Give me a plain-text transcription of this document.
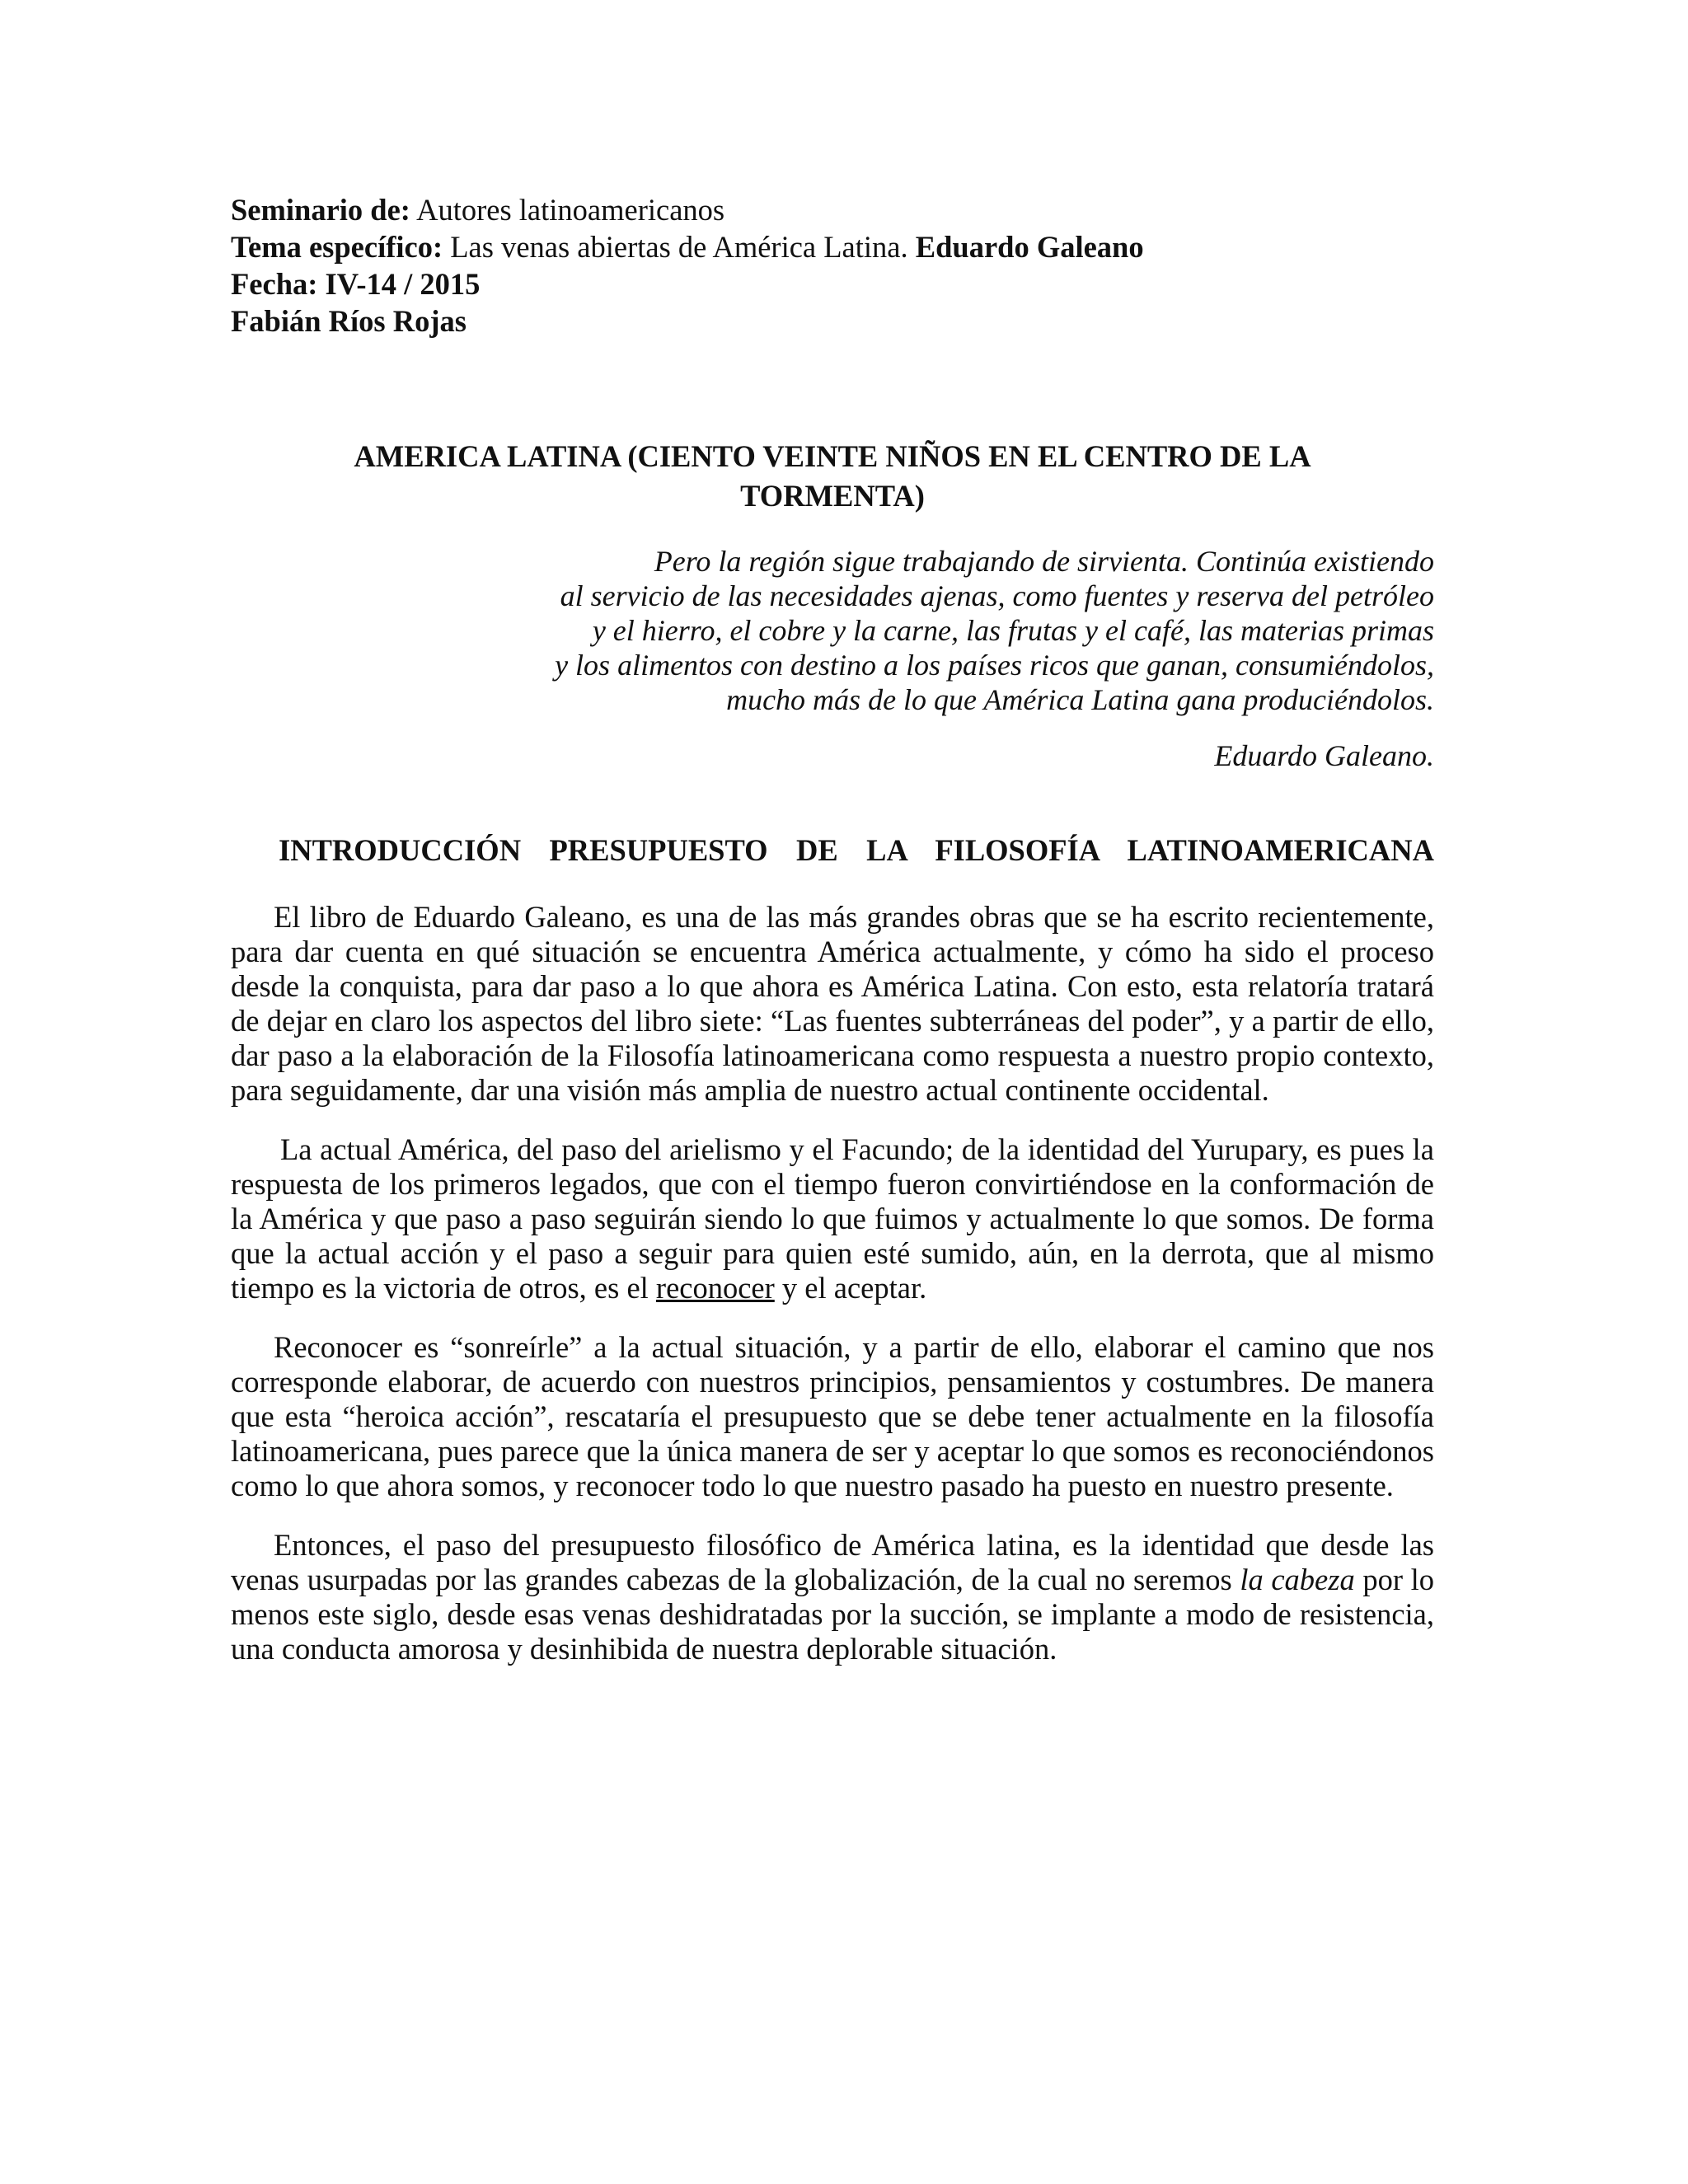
Seminario de: Autores latinoamericanos
Tema específico: Las venas abiertas de América Latina. Eduardo Galeano
Fecha: IV-14 / 2015
Fabián Ríos Rojas
AMERICA LATINA (CIENTO VEINTE NIÑOS EN EL CENTRO DE LA
TORMENTA)
Pero la región sigue trabajando de sirvienta. Continúa existiendo
al servicio de las necesidades ajenas, como fuentes y reserva del petróleo
y el hierro, el cobre y la carne, las frutas y el café, las materias primas
y los alimentos con destino a los países ricos que ganan, consumiéndolos,
mucho más de lo que América Latina gana produciéndolos.
Eduardo Galeano.
INTRODUCCIÓN PRESUPUESTO DE LA FILOSOFÍA LATINOAMERICANA

El libro de Eduardo Galeano, es una de las más grandes obras que se ha escrito recientemente, para dar cuenta en qué situación se encuentra América actualmente, y cómo ha sido el proceso desde la conquista, para dar paso a lo que ahora es América Latina. Con esto, esta relatoría tratará de dejar en claro los aspectos del libro siete: “Las fuentes subterráneas del poder”, y a partir de ello, dar paso a la elaboración de la Filosofía latinoamericana como respuesta a nuestro propio contexto, para seguidamente, dar una visión más amplia de nuestro actual continente occidental.

La actual América, del paso del arielismo y el Facundo; de la identidad del Yurupary, es pues la respuesta de los primeros legados, que con el tiempo fueron convirtiéndose en la conformación de la América y que paso a paso seguirán siendo lo que fuimos y actualmente lo que somos. De forma que la actual acción y el paso a seguir para quien esté sumido, aún, en la derrota, que al mismo tiempo es la victoria de otros, es el reconocer y el aceptar.

Reconocer es “sonreírle” a la actual situación, y a partir de ello, elaborar el camino que nos corresponde elaborar, de acuerdo con nuestros principios, pensamientos y costumbres. De manera que esta “heroica acción”, rescataría el presupuesto que se debe tener actualmente en la filosofía latinoamericana, pues parece que la única manera de ser y aceptar lo que somos es reconociéndonos como lo que ahora somos, y reconocer todo lo que nuestro pasado ha puesto en nuestro presente.

Entonces, el paso del presupuesto filosófico de América latina, es la identidad que desde las venas usurpadas por las grandes cabezas de la globalización, de la cual no seremos la cabeza por lo menos este siglo, desde esas venas deshidratadas por la succión, se implante a modo de resistencia, una conducta amorosa y desinhibida de nuestra deplorable situación.
